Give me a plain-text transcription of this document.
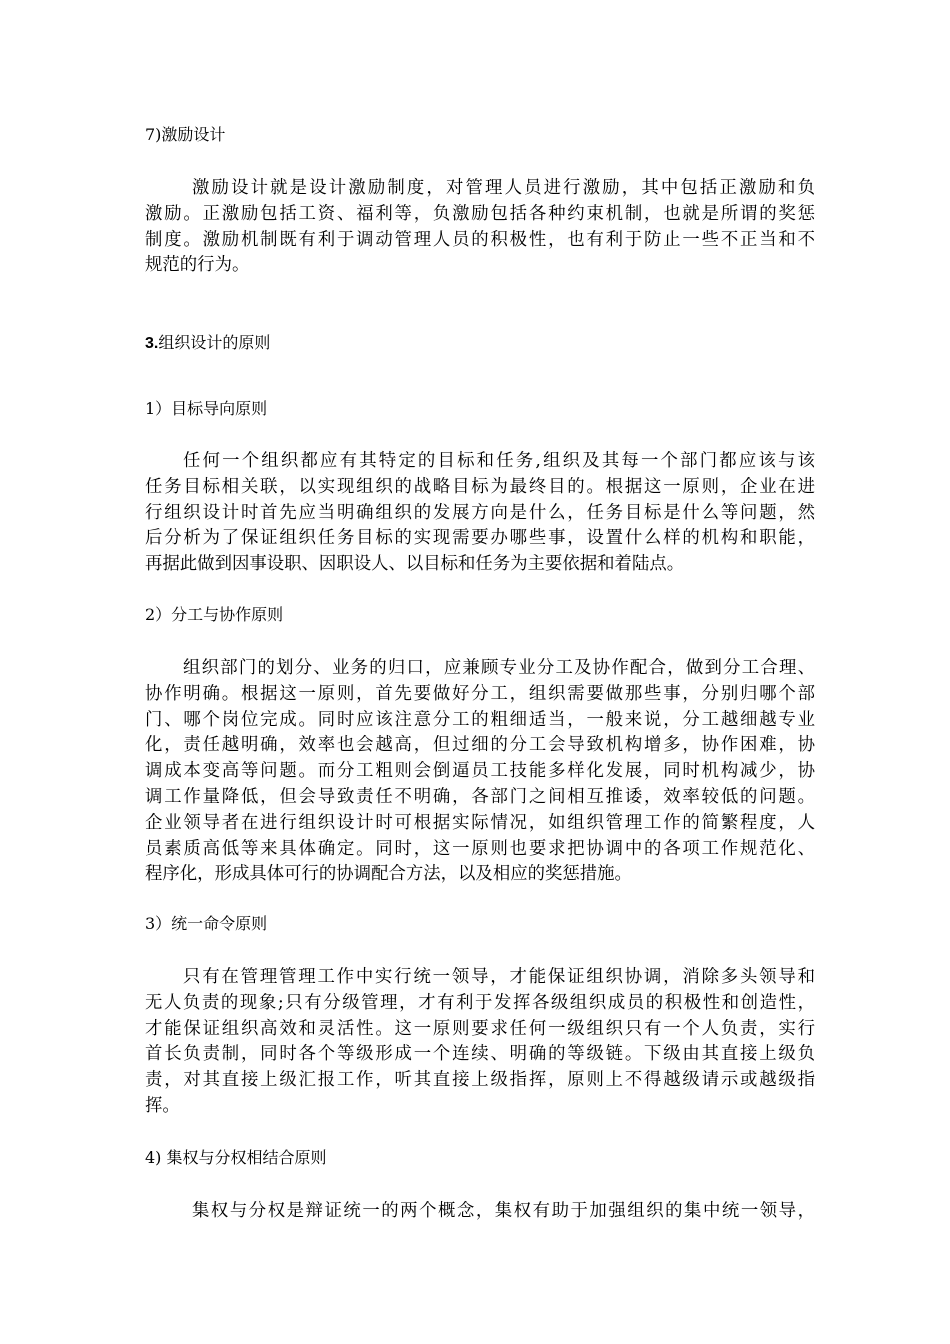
7)激励设计
激励设计就是设计激励制度，对管理人员进行激励，其中包括正激励和负
激励。正激励包括工资、福利等，负激励包括各种约束机制，也就是所谓的奖惩
制度。激励机制既有利于调动管理人员的积极性，也有利于防止一些不正当和不
规范的行为。
3.组织设计的原则
1）目标导向原则
任何一个组织都应有其特定的目标和任务,组织及其每一个部门都应该与该
任务目标相关联，以实现组织的战略目标为最终目的。根据这一原则，企业在进
行组织设计时首先应当明确组织的发展方向是什么，任务目标是什么等问题，然
后分析为了保证组织任务目标的实现需要办哪些事，设置什么样的机构和职能，
再据此做到因事设职、因职设人、以目标和任务为主要依据和着陆点。
2）分工与协作原则
组织部门的划分、业务的归口，应兼顾专业分工及协作配合，做到分工合理、
协作明确。根据这一原则，首先要做好分工，组织需要做那些事，分别归哪个部
门、哪个岗位完成。同时应该注意分工的粗细适当，一般来说，分工越细越专业
化，责任越明确，效率也会越高，但过细的分工会导致机构增多，协作困难，协
调成本变高等问题。而分工粗则会倒逼员工技能多样化发展，同时机构减少，协
调工作量降低，但会导致责任不明确，各部门之间相互推诿，效率较低的问题。
企业领导者在进行组织设计时可根据实际情况，如组织管理工作的简繁程度，人
员素质高低等来具体确定。同时，这一原则也要求把协调中的各项工作规范化、
程序化，形成具体可行的协调配合方法，以及相应的奖惩措施。
3）统一命令原则
只有在管理管理工作中实行统一领导，才能保证组织协调，消除多头领导和
无人负责的现象;只有分级管理，才有利于发挥各级组织成员的积极性和创造性，
才能保证组织高效和灵活性。这一原则要求任何一级组织只有一个人负责，实行
首长负责制，同时各个等级形成一个连续、明确的等级链。下级由其直接上级负
责，对其直接上级汇报工作，听其直接上级指挥，原则上不得越级请示或越级指
挥。
4) 集权与分权相结合原则
集权与分权是辩证统一的两个概念，集权有助于加强组织的集中统一领导，
